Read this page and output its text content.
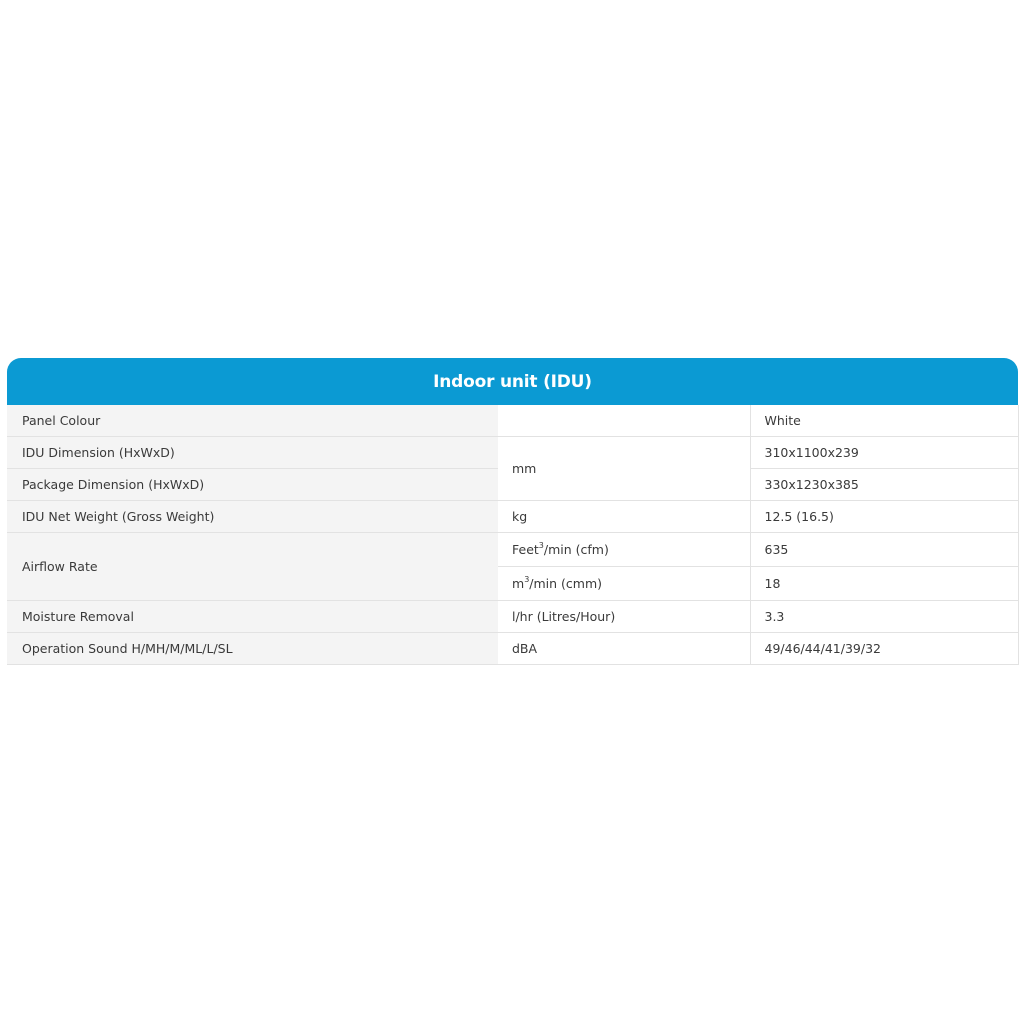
Indoor unit (IDU)
Panel Colour		White
IDU Dimension (HxWxD)	mm	310x1100x239
Package Dimension (HxWxD)		330x1230x385
IDU Net Weight (Gross Weight)	kg	12.5 (16.5)
Airflow Rate	Feet$^3$/min (cfm)	635
	$m^3/\min$ (cmm)	18
Moisture Removal	l/hr (Litres/Hour)	3.3
Operation Sound H/MH/M/ML/L/SL	dBA	49/46/44/41/39/32
